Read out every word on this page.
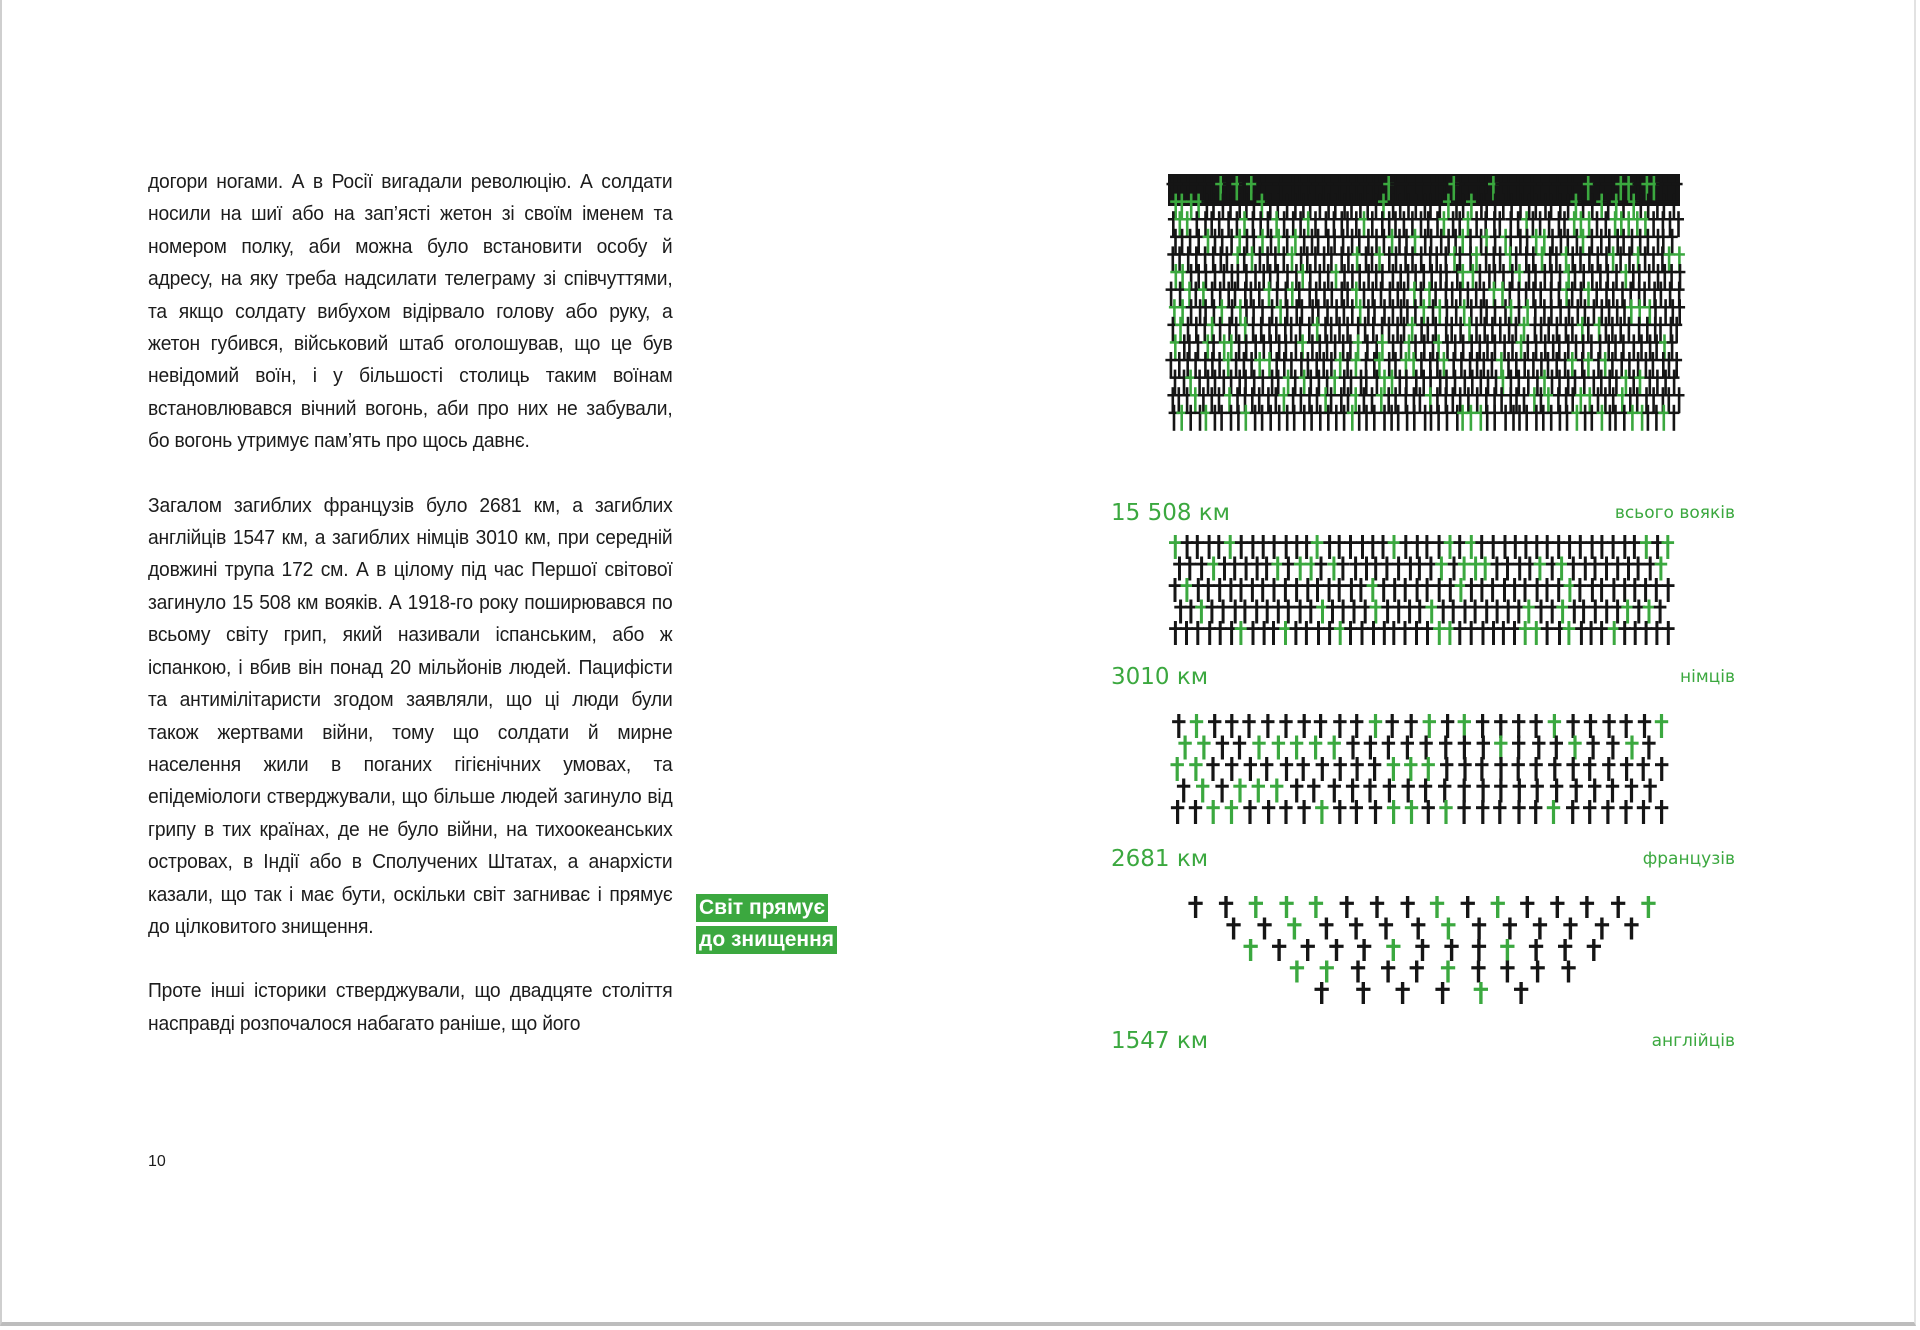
догори ногами. А в Росії вигадали революцію. А солдати носили на шиї або на зап’ясті жетон зі своїм іменем та номером полку, аби можна було встановити особу й адресу, на яку треба надсилати телеграму зі співчуттями, та якщо солдату вибухом відірвало голову або руку, а жетон губився, військовий штаб оголошував, що це був невідомий воїн, і у більшості столиць таким воїнам встановлювався вічний вогонь, аби про них не забували, бо вогонь утримує пам’ять про щось давнє.

Загалом загиблих французів було 2681 км, а загиблих англійців 1547 км, а загиблих німців 3010 км, при середній довжині трупа 172 см. А в цілому під час Першої світової загинуло 15 508 км вояків. А 1918-го року поширювався по всьому світу грип, який називали іспанським, або ж іспанкою, і вбив він понад 20 мільйонів людей. Пацифісти та антимілітаристи згодом заявляли, що ці люди були також жертвами війни, тому що солдати й мирне населення жили в поганих гігієнічних умовах, та епідеміологи стверджували, що більше людей загинуло від грипу в тих країнах, де не було війни, на тихоокеанських островах, в Індії або в Сполучених Штатах, а анархісти казали, що так і має бути, оскільки світ загниває і прямує до цілковитого знищення.

Проте інші історики стверджували, що двадцяте століття насправді розпочалося набагато раніше, що його

Світ прямує
до знищення
10
15 508 км	всього вояків
3010 км	німців
2681 км	французів
1547 км	англійців
